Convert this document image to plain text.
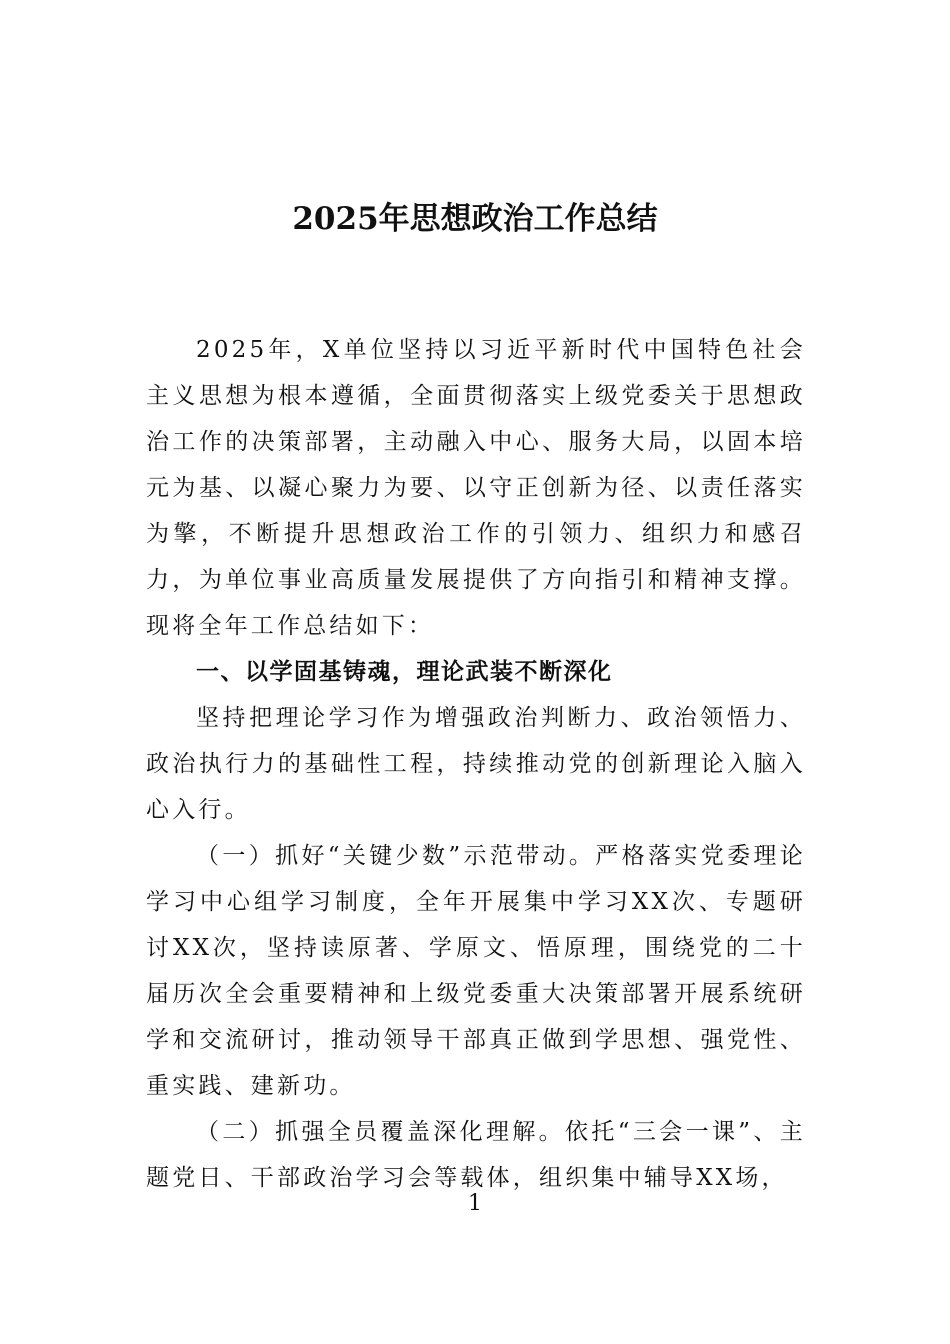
2025年思想政治工作总结

2025年，X单位坚持以习近平新时代中国特色社会主义思想为根本遵循，全面贯彻落实上级党委关于思想政治工作的决策部署，主动融入中心、服务大局，以固本培元为基、以凝心聚力为要、以守正创新为径、以责任落实为擎，不断提升思想政治工作的引领力、组织力和感召力，为单位事业高质量发展提供了方向指引和精神支撑。现将全年工作总结如下：

一、以学固基铸魂，理论武装不断深化

坚持把理论学习作为增强政治判断力、政治领悟力、政治执行力的基础性工程，持续推动党的创新理论入脑入心入行。

（一）抓好“关键少数”示范带动。严格落实党委理论学习中心组学习制度，全年开展集中学习XX次、专题研讨XX次，坚持读原著、学原文、悟原理，围绕党的二十届历次全会重要精神和上级党委重大决策部署开展系统研学和交流研讨，推动领导干部真正做到学思想、强党性、重实践、建新功。

（二）抓强全员覆盖深化理解。依托“三会一课”、主题党日、干部政治学习会等载体，组织集中辅导XX场，

1
